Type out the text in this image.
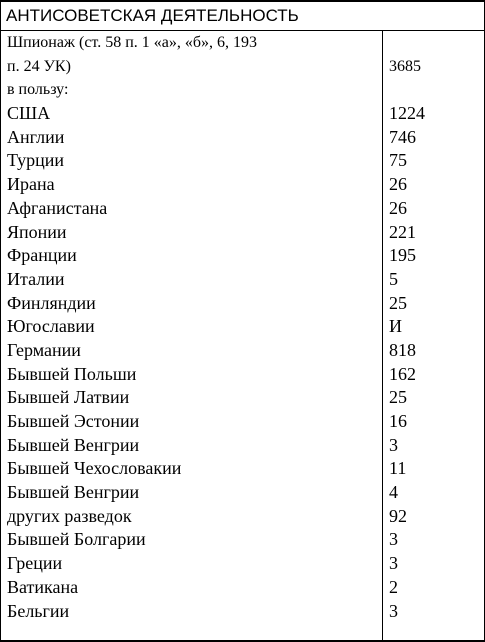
АНТИСОВЕТСКАЯ ДЕЯТЕЛЬНОСТЬ
Шпионаж (ст. 58 п. 1 «а», «б», 6, 193
п. 24 УК)	3685
в пользу:
США	1224
Англии	746
Турции	75
Ирана	26
Афганистана	26
Японии	221
Франции	195
Италии	5
Финляндии	25
Югославии	И
Германии	818
Бывшей Польши	162
Бывшей Латвии	25
Бывшей Эстонии	16
Бывшей Венгрии	3
Бывшей Чехословакии	11
Бывшей Венгрии	4
других разведок	92
Бывшей Болгарии	3
Греции	3
Ватикана	2
Бельгии	3
